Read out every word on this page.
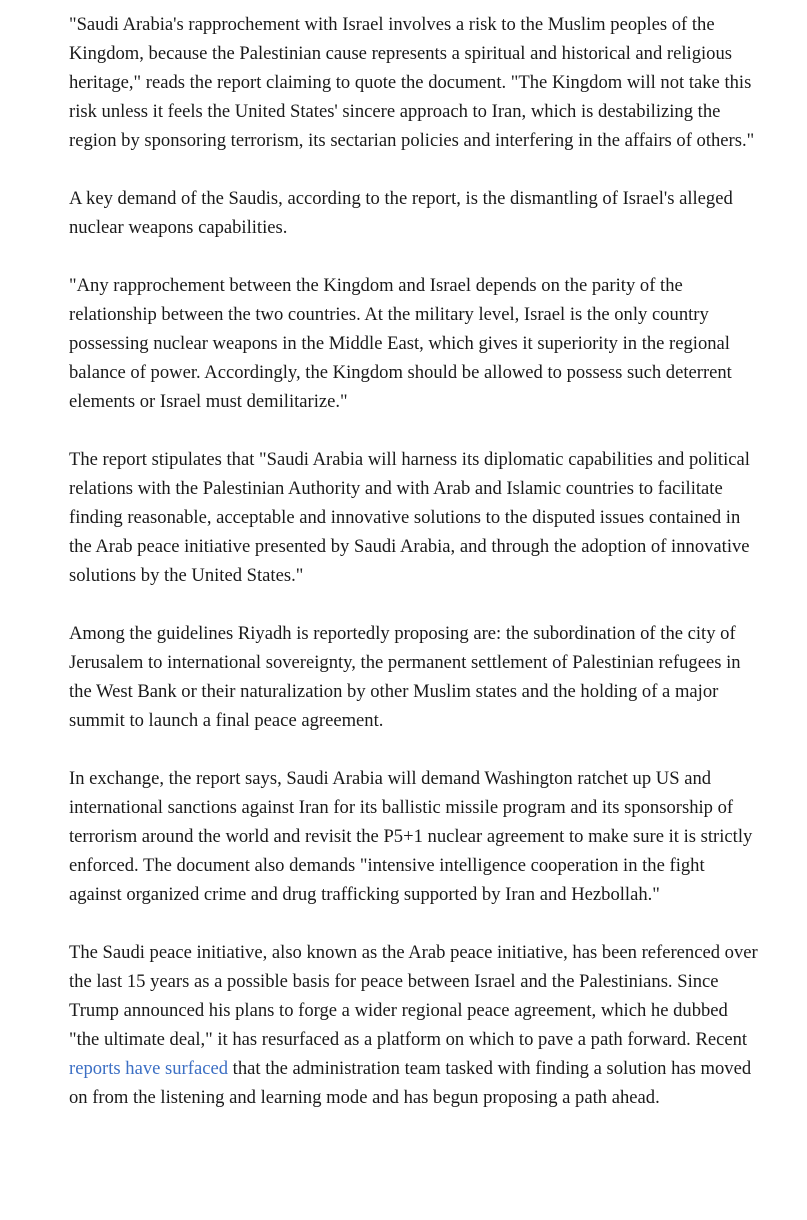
"Saudi Arabia's rapprochement with Israel involves a risk to the Muslim peoples of the Kingdom, because the Palestinian cause represents a spiritual and historical and religious heritage," reads the report claiming to quote the document. "The Kingdom will not take this risk unless it feels the United States' sincere approach to Iran, which is destabilizing the region by sponsoring terrorism, its sectarian policies and interfering in the affairs of others."

A key demand of the Saudis, according to the report, is the dismantling of Israel's alleged nuclear weapons capabilities.

"Any rapprochement between the Kingdom and Israel depends on the parity of the relationship between the two countries. At the military level, Israel is the only country possessing nuclear weapons in the Middle East, which gives it superiority in the regional balance of power. Accordingly, the Kingdom should be allowed to possess such deterrent elements or Israel must demilitarize."

The report stipulates that "Saudi Arabia will harness its diplomatic capabilities and political relations with the Palestinian Authority and with Arab and Islamic countries to facilitate finding reasonable, acceptable and innovative solutions to the disputed issues contained in the Arab peace initiative presented by Saudi Arabia, and through the adoption of innovative solutions by the United States."

Among the guidelines Riyadh is reportedly proposing are: the subordination of the city of Jerusalem to international sovereignty, the permanent settlement of Palestinian refugees in the West Bank or their naturalization by other Muslim states and the holding of a major summit to launch a final peace agreement.

In exchange, the report says, Saudi Arabia will demand Washington ratchet up US and international sanctions against Iran for its ballistic missile program and its sponsorship of terrorism around the world and revisit the P5+1 nuclear agreement to make sure it is strictly enforced. The document also demands "intensive intelligence cooperation in the fight against organized crime and drug trafficking supported by Iran and Hezbollah."

The Saudi peace initiative, also known as the Arab peace initiative, has been referenced over the last 15 years as a possible basis for peace between Israel and the Palestinians. Since Trump announced his plans to forge a wider regional peace agreement, which he dubbed "the ultimate deal," it has resurfaced as a platform on which to pave a path forward. Recent reports have surfaced that the administration team tasked with finding a solution has moved on from the listening and learning mode and has begun proposing a path ahead.
